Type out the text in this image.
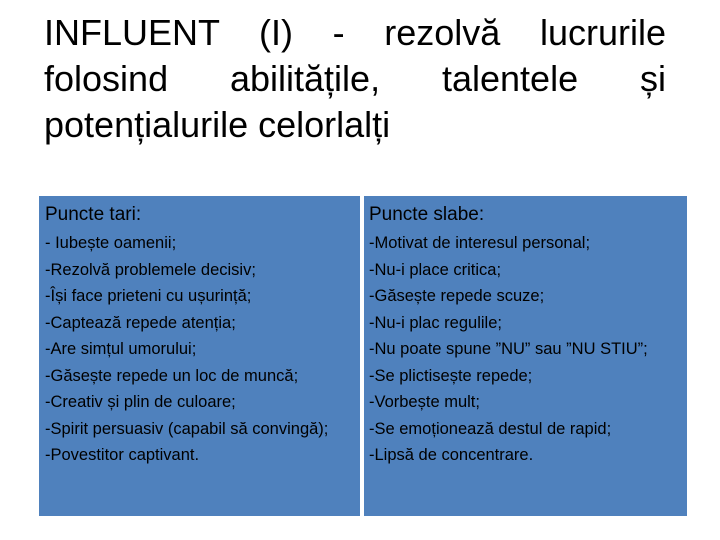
INFLUENT (I) - rezolvă lucrurile folosind abilitățile, talentele și potențialurile celorlalți
Puncte tari:
- Iubește oamenii;
-Rezolvă problemele decisiv;
-Își face prieteni cu ușurință;
-Captează repede atenția;
-Are simțul umorului;
-Găsește repede un loc de muncă;
-Creativ și plin de culoare;
-Spirit persuasiv (capabil să convingă);
-Povestitor captivant.
Puncte slabe:
-Motivat de interesul personal;
-Nu-i place critica;
-Găsește repede scuze;
-Nu-i plac regulile;
-Nu poate spune ”NU” sau ”NU STIU”;
-Se plictisește repede;
-Vorbește mult;
-Se emoționează destul de rapid;
-Lipsă de concentrare.
